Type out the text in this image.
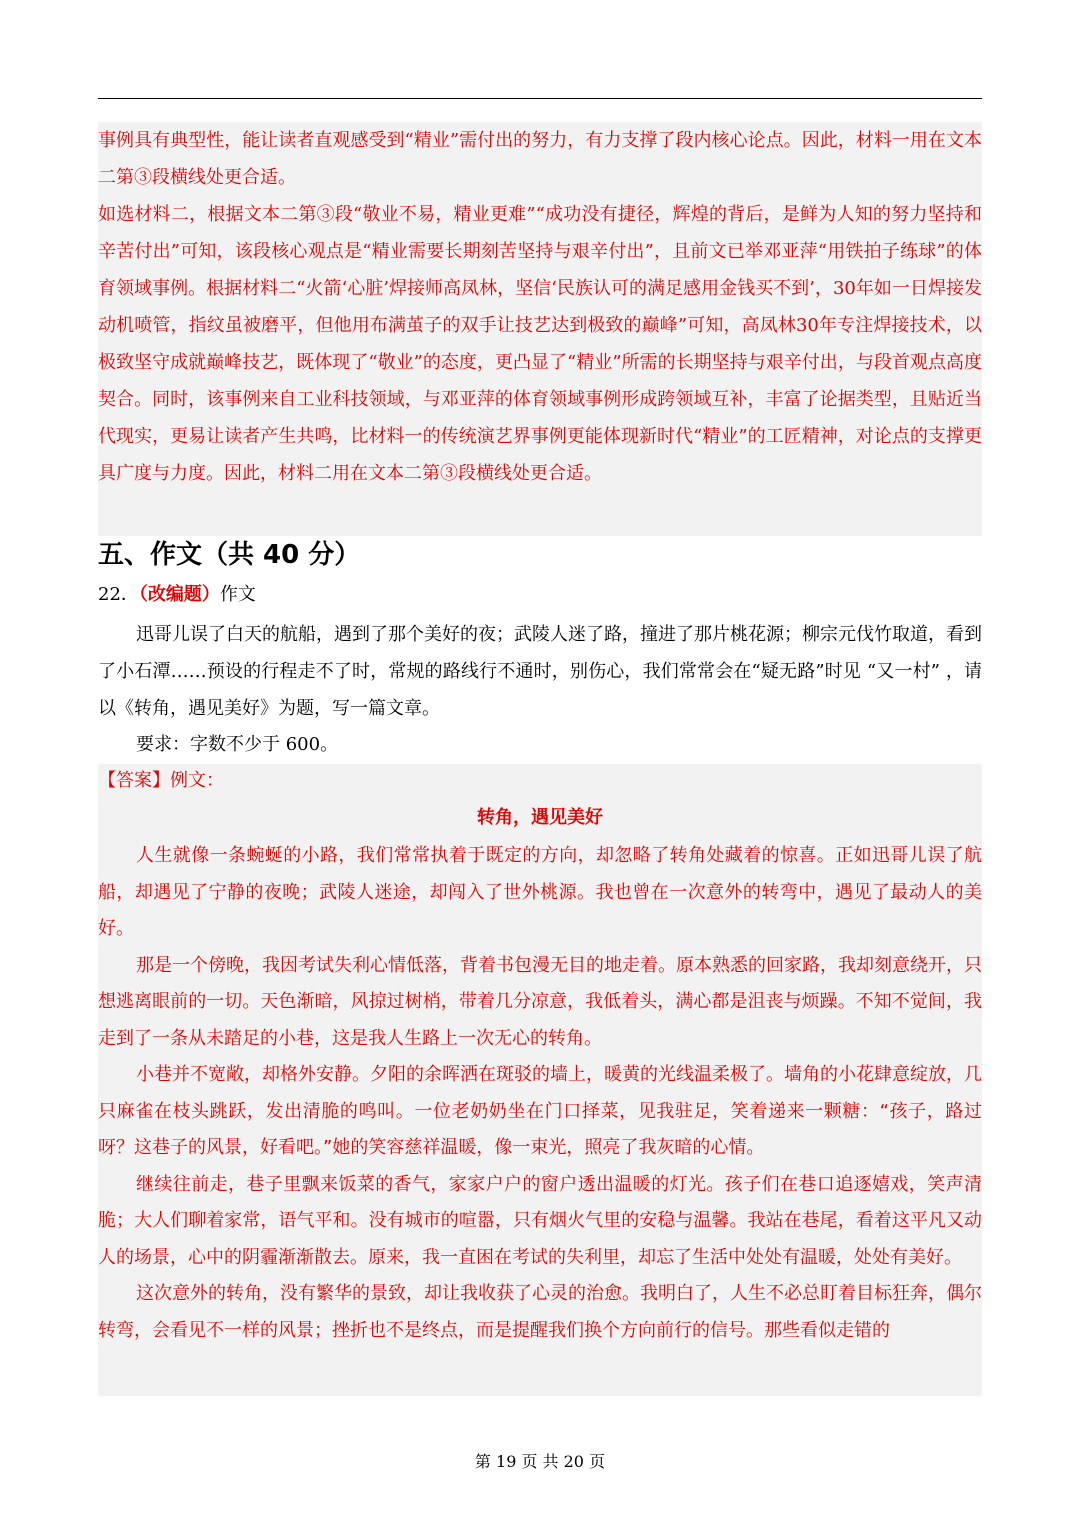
事例具有典型性，能让读者直观感受到“精业”需付出的努力，有力支撑了段内核心论点。因此，材料一用在文本二第③段横线处更合适。

如选材料二，根据文本二第③段“敬业不易，精业更难”“成功没有捷径，辉煌的背后，是鲜为人知的努力坚持和辛苦付出”可知，该段核心观点是“精业需要长期刻苦坚持与艰辛付出”，且前文已举邓亚萍“用铁拍子练球”的体育领域事例。根据材料二“火箭‘心脏’焊接师高凤林，坚信‘民族认可的满足感用金钱买不到’，30年如一日焊接发动机喷管，指纹虽被磨平，但他用布满茧子的双手让技艺达到极致的巅峰”可知，高凤林30年专注焊接技术，以极致坚守成就巅峰技艺，既体现了“敬业”的态度，更凸显了“精业”所需的长期坚持与艰辛付出，与段首观点高度契合。同时，该事例来自工业科技领域，与邓亚萍的体育领域事例形成跨领域互补，丰富了论据类型，且贴近当代现实，更易让读者产生共鸣，比材料一的传统演艺界事例更能体现新时代“精业”的工匠精神，对论点的支撑更具广度与力度。因此，材料二用在文本二第③段横线处更合适。

五、作文（共 40 分）
22．（改编题）作文

迅哥儿误了白天的航船，遇到了那个美好的夜；武陵人迷了路，撞进了那片桃花源；柳宗元伐竹取道，看到了小石潭……预设的行程走不了时，常规的路线行不通时，别伤心，我们常常会在“疑无路”时见 “又一村” ，请以《转角，遇见美好》为题，写一篇文章。

要求：字数不少于 600。

【答案】例文：

转角，遇见美好

人生就像一条蜿蜒的小路，我们常常执着于既定的方向，却忽略了转角处藏着的惊喜。正如迅哥儿误了航船，却遇见了宁静的夜晚；武陵人迷途，却闯入了世外桃源。我也曾在一次意外的转弯中，遇见了最动人的美好。

那是一个傍晚，我因考试失利心情低落，背着书包漫无目的地走着。原本熟悉的回家路，我却刻意绕开，只想逃离眼前的一切。天色渐暗，风掠过树梢，带着几分凉意，我低着头，满心都是沮丧与烦躁。不知不觉间，我走到了一条从未踏足的小巷，这是我人生路上一次无心的转角。

小巷并不宽敞，却格外安静。夕阳的余晖洒在斑驳的墙上，暖黄的光线温柔极了。墙角的小花肆意绽放，几只麻雀在枝头跳跃，发出清脆的鸣叫。一位老奶奶坐在门口择菜，见我驻足，笑着递来一颗糖：“孩子，路过呀？这巷子的风景，好看吧。”她的笑容慈祥温暖，像一束光，照亮了我灰暗的心情。

继续往前走，巷子里飘来饭菜的香气，家家户户的窗户透出温暖的灯光。孩子们在巷口追逐嬉戏，笑声清脆；大人们聊着家常，语气平和。没有城市的喧嚣，只有烟火气里的安稳与温馨。我站在巷尾，看着这平凡又动人的场景，心中的阴霾渐渐散去。原来，我一直困在考试的失利里，却忘了生活中处处有温暖，处处有美好。

这次意外的转角，没有繁华的景致，却让我收获了心灵的治愈。我明白了，人生不必总盯着目标狂奔，偶尔转弯，会看见不一样的风景；挫折也不是终点，而是提醒我们换个方向前行的信号。那些看似走错的

第 19 页 共 20 页
